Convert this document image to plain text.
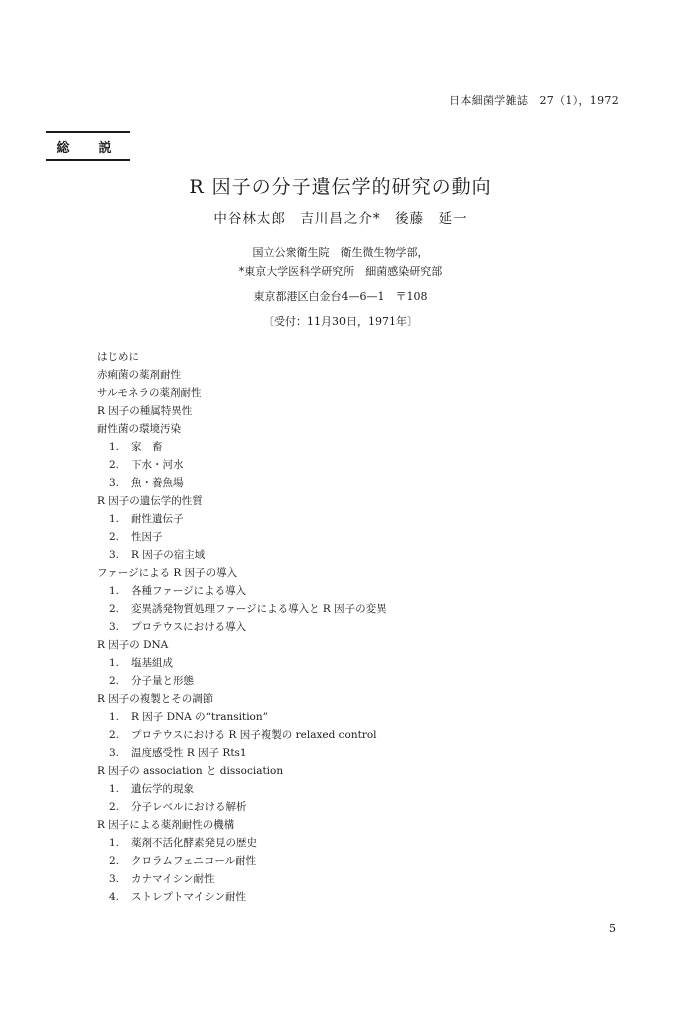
日本細菌学雑誌　27（1），1972
総　説
R 因子の分子遺伝学的研究の動向
中谷林太郎　吉川昌之介*　後藤　延一
国立公衆衛生院　衛生微生物学部，
*東京大学医科学研究所　細菌感染研究部
東京都港区白金台4—6—1　〒108
〔受付：11月30日，1971年〕
はじめに
赤痢菌の薬剤耐性
サルモネラの薬剤耐性
R 因子の種属特異性
耐性菌の環境汚染
1. 家　畜
2. 下水・河水
3. 魚・養魚場
R 因子の遺伝学的性質
1. 耐性遺伝子
2. 性因子
3. R 因子の宿主域
ファージによる R 因子の導入
1. 各種ファージによる導入
2. 変異誘発物質処理ファージによる導入と R 因子の変異
3. プロテウスにおける導入
R 因子の DNA
1. 塩基組成
2. 分子量と形態
R 因子の複製とその調節
1. R 因子 DNA の“transition”
2. プロテウスにおける R 因子複製の relaxed control
3. 温度感受性 R 因子 Rts1
R 因子の association と dissociation
1. 遺伝学的現象
2. 分子レベルにおける解析
R 因子による薬剤耐性の機構
1. 薬剤不活化酵素発見の歴史
2. クロラムフェニコール耐性
3. カナマイシン耐性
4. ストレプトマイシン耐性
5
